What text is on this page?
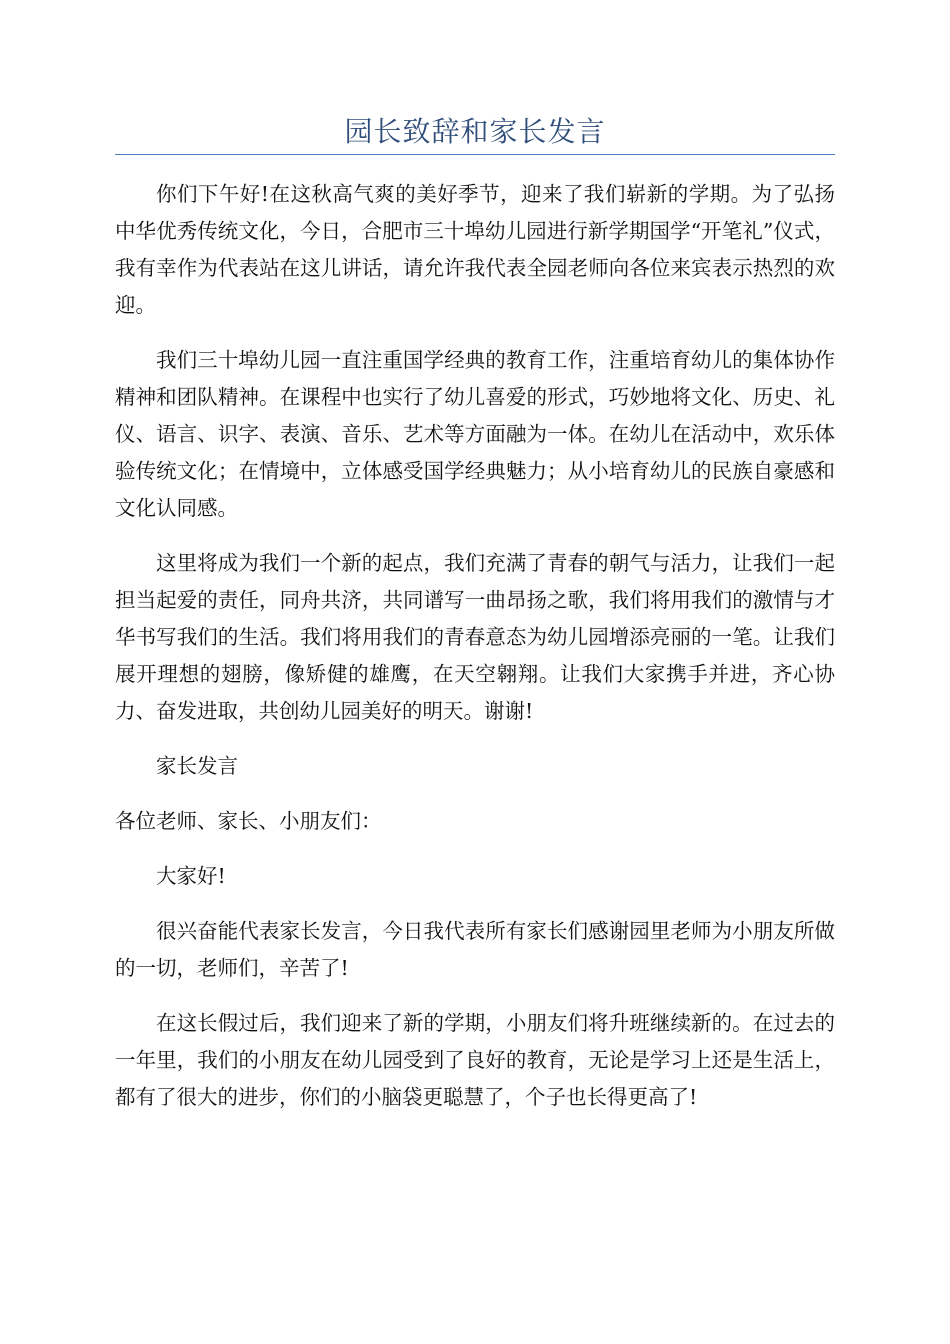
园长致辞和家长发言

你们下午好!在这秋高气爽的美好季节，迎来了我们崭新的学期。为了弘扬中华优秀传统文化，今日，合肥市三十埠幼儿园进行新学期国学“开笔礼”仪式，我有幸作为代表站在这儿讲话，请允许我代表全园老师向各位来宾表示热烈的欢迎。

我们三十埠幼儿园一直注重国学经典的教育工作，注重培育幼儿的集体协作精神和团队精神。在课程中也实行了幼儿喜爱的形式，巧妙地将文化、历史、礼仪、语言、识字、表演、音乐、艺术等方面融为一体。在幼儿在活动中，欢乐体验传统文化；在情境中，立体感受国学经典魅力；从小培育幼儿的民族自豪感和文化认同感。

这里将成为我们一个新的起点，我们充满了青春的朝气与活力，让我们一起担当起爱的责任，同舟共济，共同谱写一曲昂扬之歌，我们将用我们的激情与才华书写我们的生活。我们将用我们的青春意态为幼儿园增添亮丽的一笔。让我们展开理想的翅膀，像矫健的雄鹰，在天空翱翔。让我们大家携手并进，齐心协力、奋发进取，共创幼儿园美好的明天。谢谢!

家长发言

各位老师、家长、小朋友们：

大家好!

很兴奋能代表家长发言，今日我代表所有家长们感谢园里老师为小朋友所做的一切，老师们，辛苦了!

在这长假过后，我们迎来了新的学期，小朋友们将升班继续新的。在过去的一年里，我们的小朋友在幼儿园受到了良好的教育，无论是学习上还是生活上，都有了很大的进步，你们的小脑袋更聪慧了，个子也长得更高了!
